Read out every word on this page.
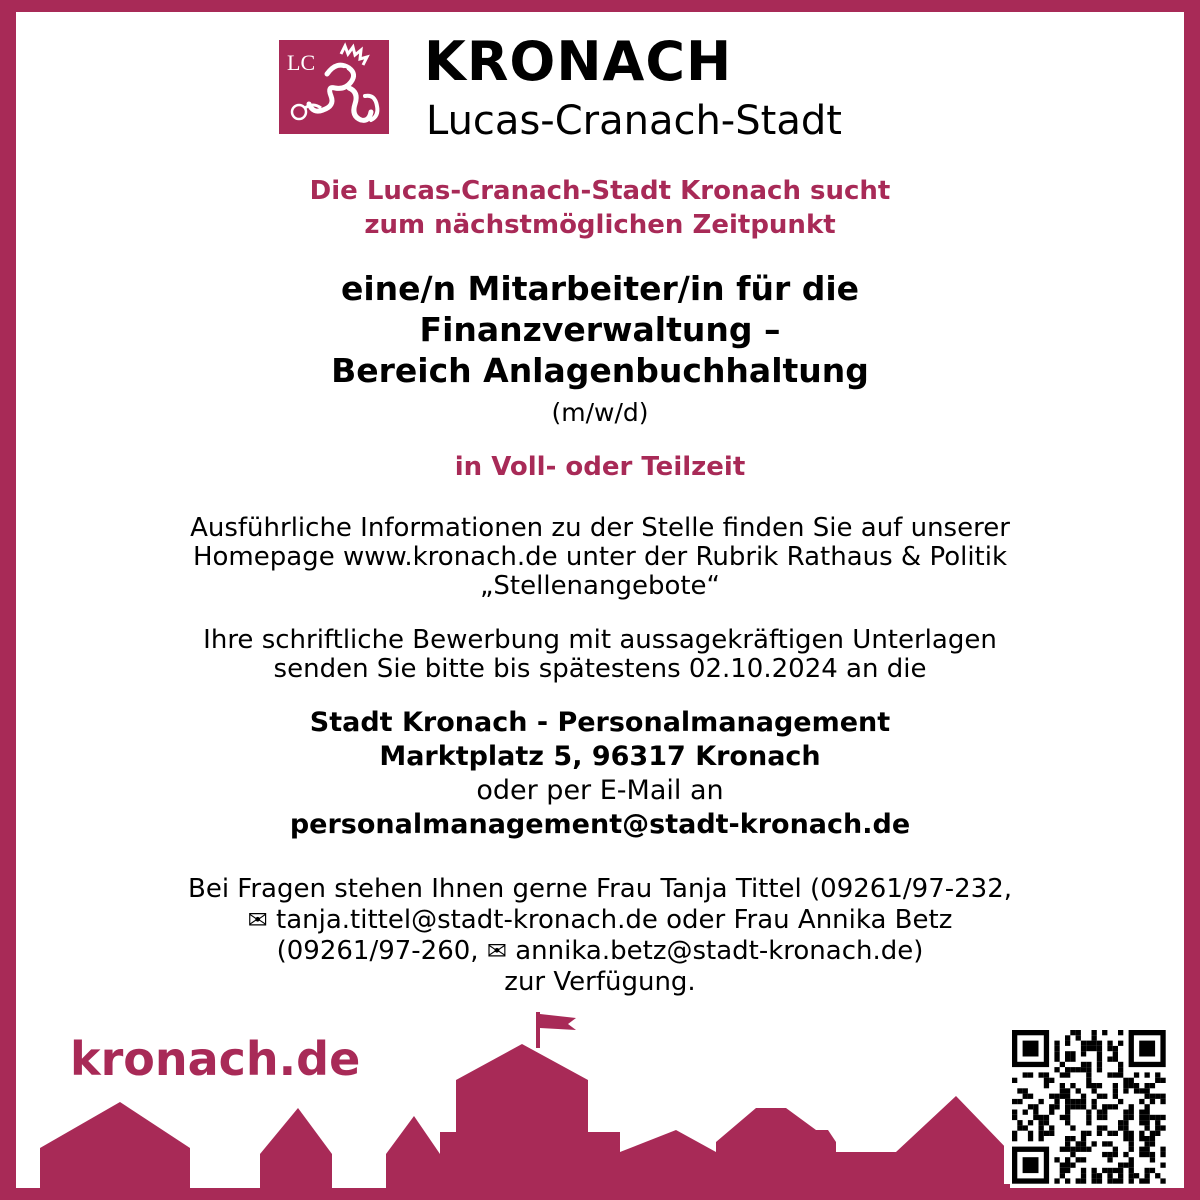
LC KRONACH
Lucas-Cranach-Stadt
Die Lucas-Cranach-Stadt Kronach sucht
zum nächstmöglichen Zeitpunkt
eine/n Mitarbeiter/in für die
Finanzverwaltung –
Bereich Anlagenbuchhaltung
(m/w/d)
in Voll- oder Teilzeit
Ausführliche Informationen zu der Stelle finden Sie auf unserer
Homepage www.kronach.de unter der Rubrik Rathaus & Politik
„Stellenangebote“
Ihre schriftliche Bewerbung mit aussagekräftigen Unterlagen
senden Sie bitte bis spätestens 02.10.2024 an die
Stadt Kronach - Personalmanagement
Marktplatz 5, 96317 Kronach
oder per E-Mail an
personalmanagement@stadt-kronach.de
Bei Fragen stehen Ihnen gerne Frau Tanja Tittel (09261/97-232,
✉ tanja.tittel@stadt-kronach.de oder Frau Annika Betz
(09261/97-260, ✉ annika.betz@stadt-kronach.de)
zur Verfügung.
kronach.de
